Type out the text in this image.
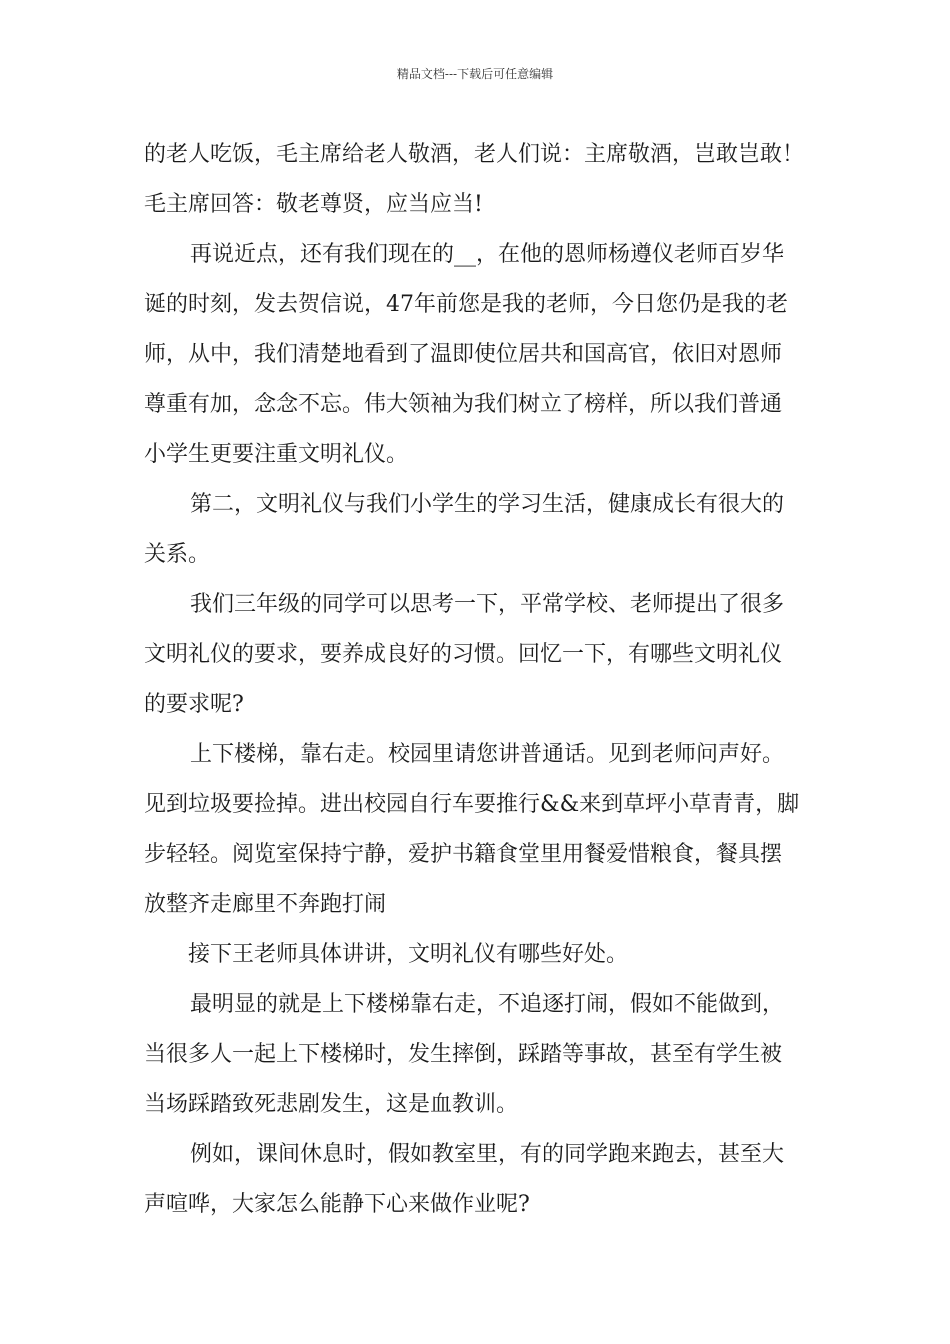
精品文档---下载后可任意编辑
的老人吃饭，毛主席给老人敬酒，老人们说：主席敬酒，岂敢岂敢！
毛主席回答：敬老尊贤，应当应当!
再说近点，还有我们现在的__，在他的恩师杨遵仪老师百岁华
诞的时刻，发去贺信说，47年前您是我的老师，今日您仍是我的老
师，从中，我们清楚地看到了温即使位居共和国高官，依旧对恩师
尊重有加，念念不忘。伟大领袖为我们树立了榜样，所以我们普通
小学生更要注重文明礼仪。
第二，文明礼仪与我们小学生的学习生活，健康成长有很大的
关系。
我们三年级的同学可以思考一下，平常学校、老师提出了很多
文明礼仪的要求，要养成良好的习惯。回忆一下，有哪些文明礼仪
的要求呢?
上下楼梯，靠右走。校园里请您讲普通话。见到老师问声好。
见到垃圾要捡掉。进出校园自行车要推行&&来到草坪小草青青，脚
步轻轻。阅览室保持宁静，爱护书籍食堂里用餐爱惜粮食，餐具摆
放整齐走廊里不奔跑打闹
接下王老师具体讲讲，文明礼仪有哪些好处。
最明显的就是上下楼梯靠右走，不追逐打闹，假如不能做到，
当很多人一起上下楼梯时，发生摔倒，踩踏等事故，甚至有学生被
当场踩踏致死悲剧发生，这是血教训。
例如，课间休息时，假如教室里，有的同学跑来跑去，甚至大
声喧哗，大家怎么能静下心来做作业呢?
